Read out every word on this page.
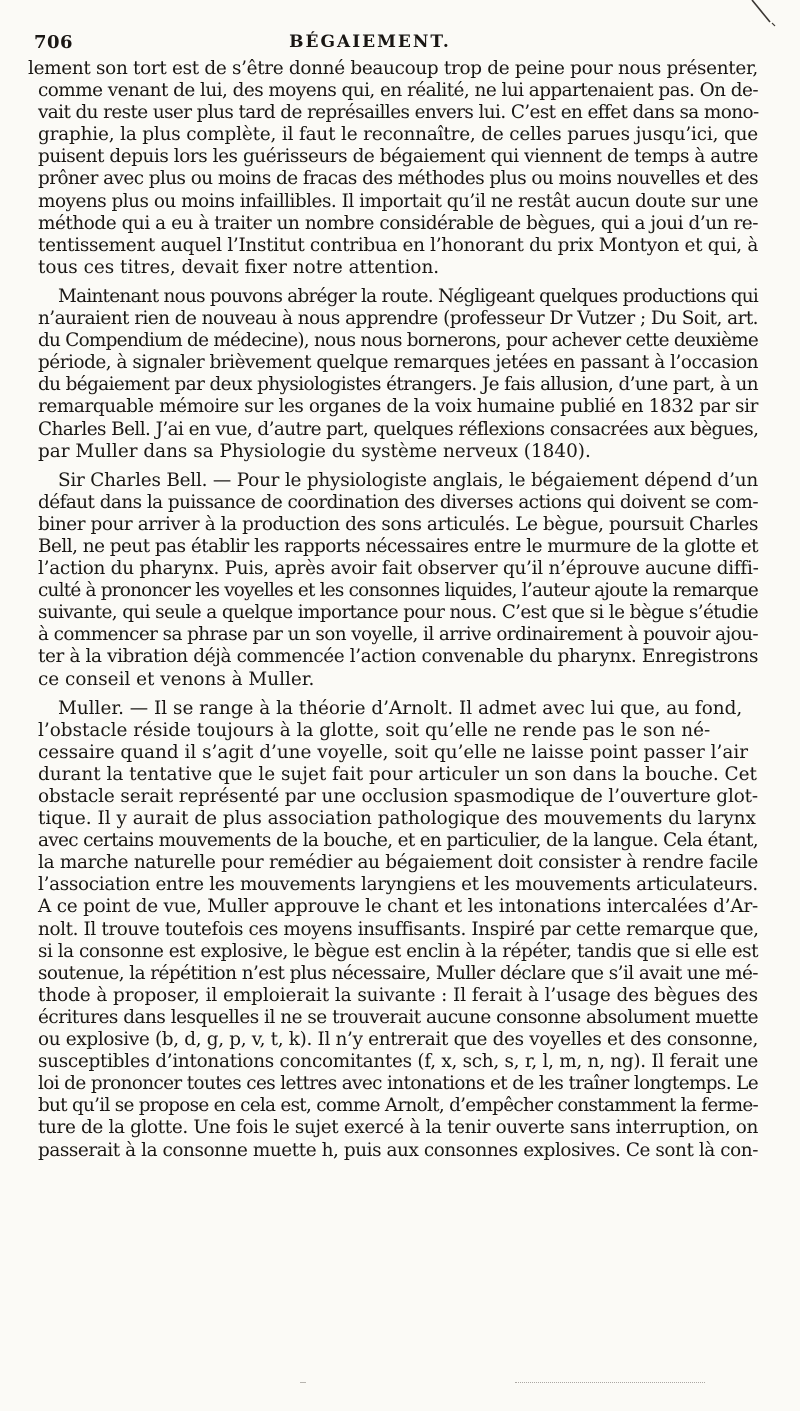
706	BÉGAIEMENT.
lement son tort est de s’être donné beaucoup trop de peine pour nous présenter,
comme venant de lui, des moyens qui, en réalité, ne lui appartenaient pas. On de-
vait du reste user plus tard de représailles envers lui. C’est en effet dans sa mono-
graphie, la plus complète, il faut le reconnaître, de celles parues jusqu’ici, que
puisent depuis lors les guérisseurs de bégaiement qui viennent de temps à autre
prôner avec plus ou moins de fracas des méthodes plus ou moins nouvelles et des
moyens plus ou moins infaillibles. Il importait qu’il ne restât aucun doute sur une
méthode qui a eu à traiter un nombre considérable de bègues, qui a joui d’un re-
tentissement auquel l’Institut contribua en l’honorant du prix Montyon et qui, à
tous ces titres, devait fixer notre attention.
Maintenant nous pouvons abréger la route. Négligeant quelques productions qui
n’auraient rien de nouveau à nous apprendre (professeur Dr Vutzer ; Du Soit, art.
du Compendium de médecine), nous nous bornerons, pour achever cette deuxième
période, à signaler brièvement quelque remarques jetées en passant à l’occasion
du bégaiement par deux physiologistes étrangers. Je fais allusion, d’une part, à un
remarquable mémoire sur les organes de la voix humaine publié en 1832 par sir
Charles Bell. J’ai en vue, d’autre part, quelques réflexions consacrées aux bègues,
par Muller dans sa Physiologie du système nerveux (1840).
Sir Charles Bell. — Pour le physiologiste anglais, le bégaiement dépend d’un
défaut dans la puissance de coordination des diverses actions qui doivent se com-
biner pour arriver à la production des sons articulés. Le bègue, poursuit Charles
Bell, ne peut pas établir les rapports nécessaires entre le murmure de la glotte et
l’action du pharynx. Puis, après avoir fait observer qu’il n’éprouve aucune diffi-
culté à prononcer les voyelles et les consonnes liquides, l’auteur ajoute la remarque
suivante, qui seule a quelque importance pour nous. C’est que si le bègue s’étudie
à commencer sa phrase par un son voyelle, il arrive ordinairement à pouvoir ajou-
ter à la vibration déjà commencée l’action convenable du pharynx. Enregistrons
ce conseil et venons à Muller.
Muller. — Il se range à la théorie d’Arnolt. Il admet avec lui que, au fond,
l’obstacle réside toujours à la glotte, soit qu’elle ne rende pas le son né-
cessaire quand il s’agit d’une voyelle, soit qu’elle ne laisse point passer l’air
durant la tentative que le sujet fait pour articuler un son dans la bouche. Cet
obstacle serait représenté par une occlusion spasmodique de l’ouverture glot-
tique. Il y aurait de plus association pathologique des mouvements du larynx
avec certains mouvements de la bouche, et en particulier, de la langue. Cela étant,
la marche naturelle pour remédier au bégaiement doit consister à rendre facile
l’association entre les mouvements laryngiens et les mouvements articulateurs.
A ce point de vue, Muller approuve le chant et les intonations intercalées d’Ar-
nolt. Il trouve toutefois ces moyens insuffisants. Inspiré par cette remarque que,
si la consonne est explosive, le bègue est enclin à la répéter, tandis que si elle est
soutenue, la répétition n’est plus nécessaire, Muller déclare que s’il avait une mé-
thode à proposer, il emploierait la suivante : Il ferait à l’usage des bègues des
écritures dans lesquelles il ne se trouverait aucune consonne absolument muette
ou explosive (b, d, g, p, v, t, k). Il n’y entrerait que des voyelles et des consonne,
susceptibles d’intonations concomitantes (f, x, sch, s, r, l, m, n, ng). Il ferait une
loi de prononcer toutes ces lettres avec intonations et de les traîner longtemps. Le
but qu’il se propose en cela est, comme Arnolt, d’empêcher constamment la ferme-
ture de la glotte. Une fois le sujet exercé à la tenir ouverte sans interruption, on
passerait à la consonne muette h, puis aux consonnes explosives. Ce sont là con-
